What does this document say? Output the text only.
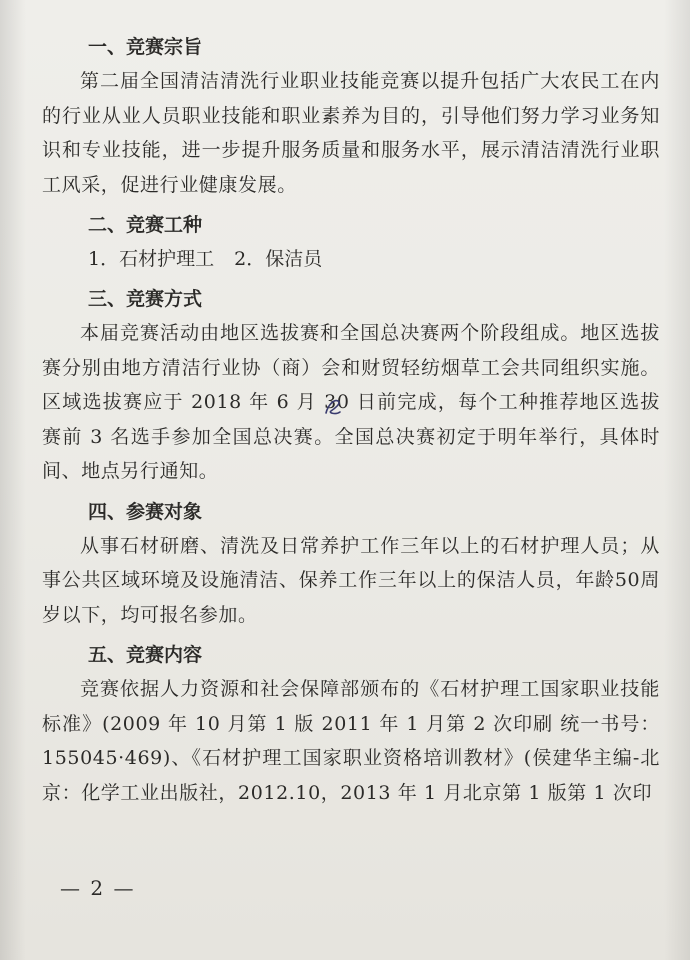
一、竞赛宗旨

第二届全国清洁清洗行业职业技能竞赛以提升包括广大农民工在内的行业从业人员职业技能和职业素养为目的，引导他们努力学习业务知识和专业技能，进一步提升服务质量和服务水平，展示清洁清洗行业职工风采，促进行业健康发展。

二、竞赛工种
1．石材护理工 2．保洁员
三、竞赛方式

本届竞赛活动由地区选拔赛和全国总决赛两个阶段组成。地区选拔赛分别由地方清洁行业协（商）会和财贸轻纺烟草工会共同组织实施。区域选拔赛应于 2018 年 6 月 30 日前完成，每个工种推荐地区选拔赛前 3 名选手参加全国总决赛。全国总决赛初定于明年举行，具体时间、地点另行通知。

四、参赛对象

从事石材研磨、清洗及日常养护工作三年以上的石材护理人员；从事公共区域环境及设施清洁、保养工作三年以上的保洁人员，年龄50周岁以下，均可报名参加。

五、竞赛内容

竞赛依据人力资源和社会保障部颁布的《石材护理工国家职业技能标准》(2009 年 10 月第 1 版 2011 年 1 月第 2 次印刷 统一书号：155045·469)、《石材护理工国家职业资格培训教材》(侯建华主编-北京：化学工业出版社，2012.10，2013 年 1 月北京第 1 版第 1 次印

— 2 —
